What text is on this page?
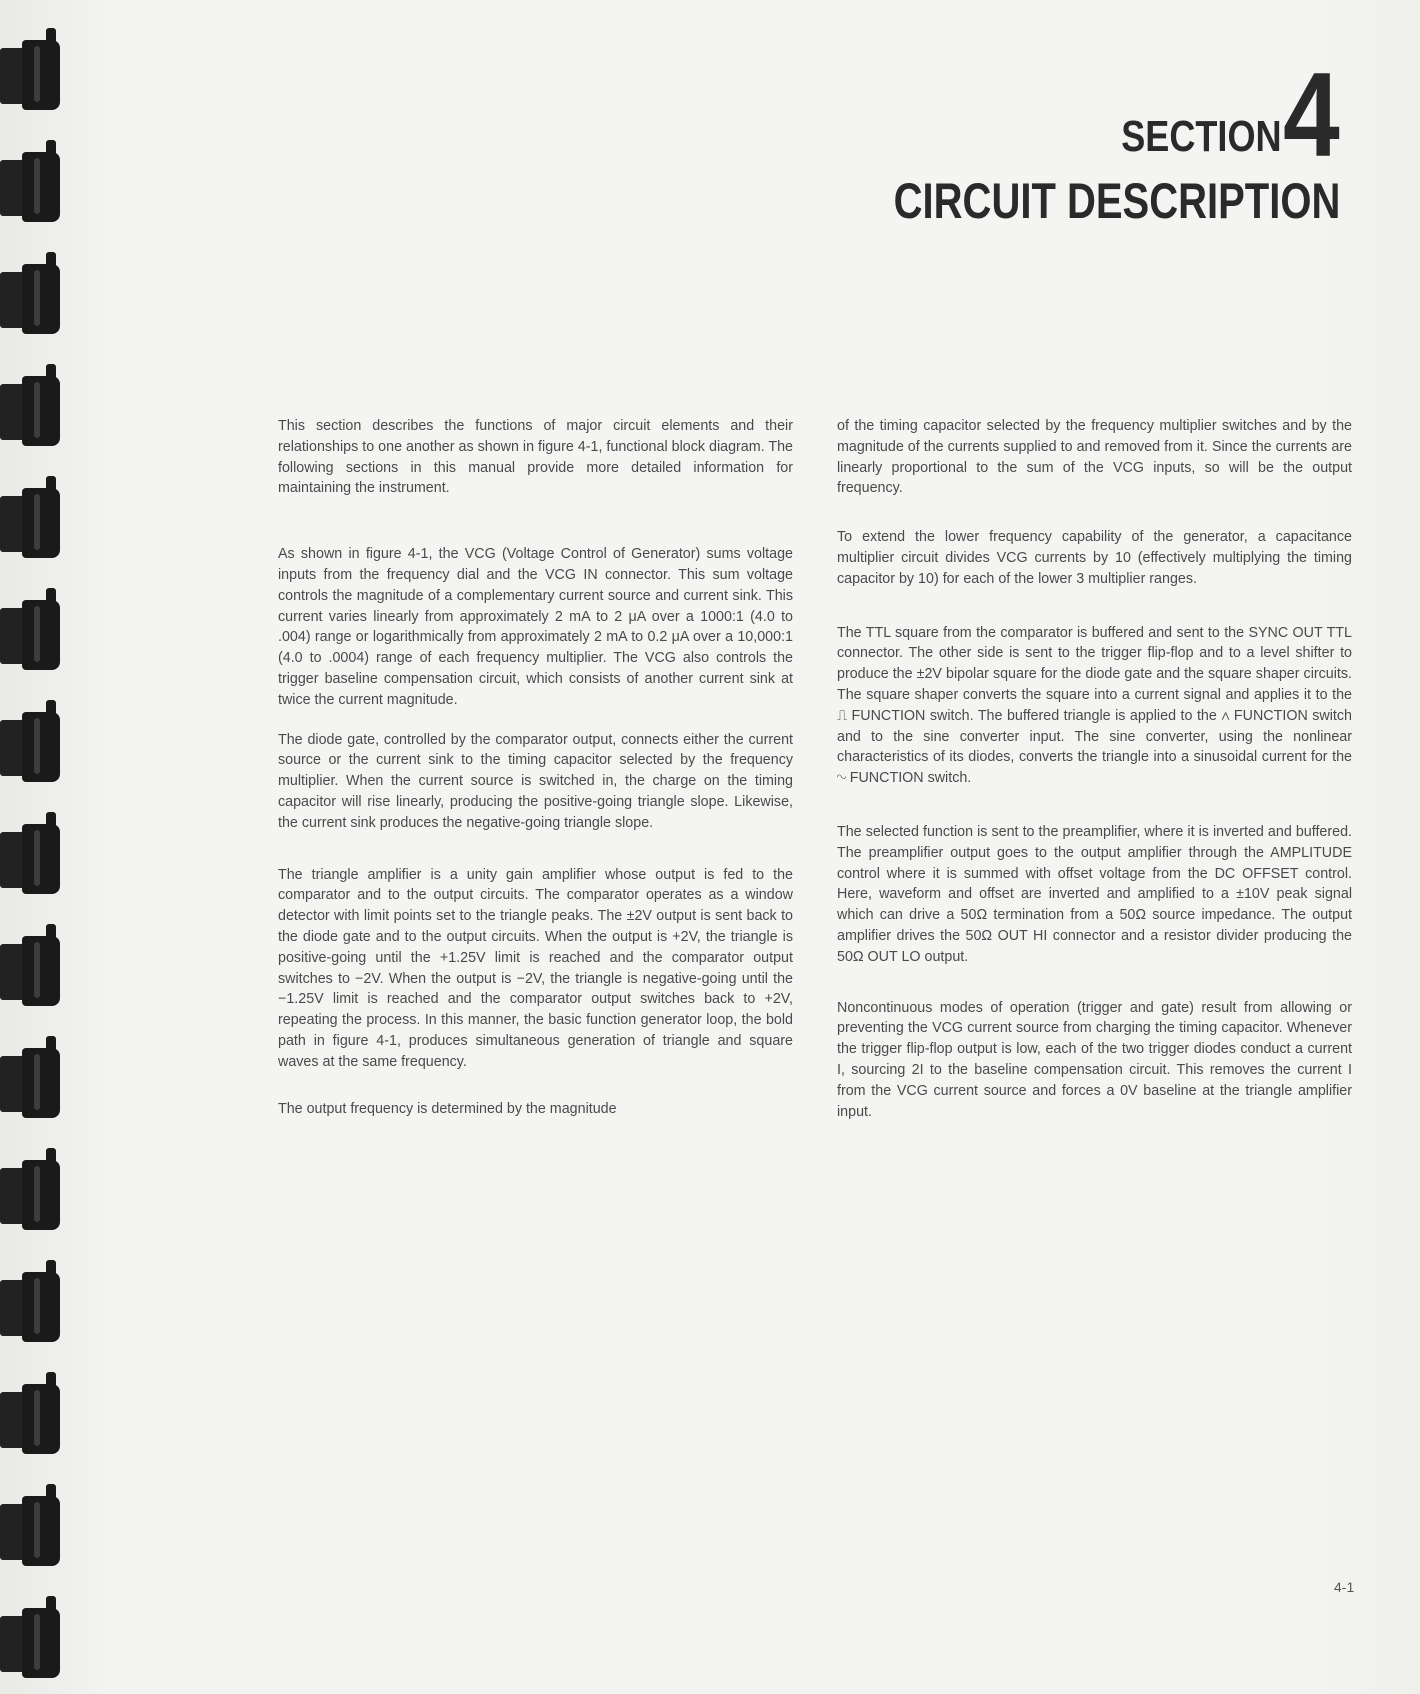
SECTION 4
CIRCUIT DESCRIPTION

This section describes the functions of major circuit elements and their relationships to one another as shown in figure 4-1, functional block diagram. The following sections in this manual provide more detailed information for maintaining the instrument.

As shown in figure 4-1, the VCG (Voltage Control of Generator) sums voltage inputs from the frequency dial and the VCG IN connector. This sum voltage controls the magnitude of a complementary current source and current sink. This current varies linearly from approximately 2 mA to 2 μA over a 1000:1 (4.0 to .004) range or logarithmically from approximately 2 mA to 0.2 μA over a 10,000:1 (4.0 to .0004) range of each frequency multiplier. The VCG also controls the trigger baseline compensation circuit, which consists of another current sink at twice the current magnitude.

The diode gate, controlled by the comparator output, connects either the current source or the current sink to the timing capacitor selected by the frequency multiplier. When the current source is switched in, the charge on the timing capacitor will rise linearly, producing the positive-going triangle slope. Likewise, the current sink produces the negative-going triangle slope.

The triangle amplifier is a unity gain amplifier whose output is fed to the comparator and to the output circuits. The comparator operates as a window detector with limit points set to the triangle peaks. The ±2V output is sent back to the diode gate and to the output circuits. When the output is +2V, the triangle is positive-going until the +1.25V limit is reached and the comparator output switches to −2V. When the output is −2V, the triangle is negative-going until the −1.25V limit is reached and the comparator output switches back to +2V, repeating the process. In this manner, the basic function generator loop, the bold path in figure 4-1, produces simultaneous generation of triangle and square waves at the same frequency.

The output frequency is determined by the magnitude

of the timing capacitor selected by the frequency multiplier switches and by the magnitude of the currents supplied to and removed from it. Since the currents are linearly proportional to the sum of the VCG inputs, so will be the output frequency.

To extend the lower frequency capability of the generator, a capacitance multiplier circuit divides VCG currents by 10 (effectively multiplying the timing capacitor by 10) for each of the lower 3 multiplier ranges.

The TTL square from the comparator is buffered and sent to the SYNC OUT TTL connector. The other side is sent to the trigger flip-flop and to a level shifter to produce the ±2V bipolar square for the diode gate and the square shaper circuits. The square shaper converts the square into a current signal and applies it to the ⎍ FUNCTION switch. The buffered triangle is applied to the ∧ FUNCTION switch and to the sine converter input. The sine converter, using the nonlinear characteristics of its diodes, converts the triangle into a sinusoidal current for the ∿ FUNCTION switch.

The selected function is sent to the preamplifier, where it is inverted and buffered. The preamplifier output goes to the output amplifier through the AMPLITUDE control where it is summed with offset voltage from the DC OFFSET control. Here, waveform and offset are inverted and amplified to a ±10V peak signal which can drive a 50Ω termination from a 50Ω source impedance. The output amplifier drives the 50Ω OUT HI connector and a resistor divider producing the 50Ω OUT LO output.

Noncontinuous modes of operation (trigger and gate) result from allowing or preventing the VCG current source from charging the timing capacitor. Whenever the trigger flip-flop output is low, each of the two trigger diodes conduct a current I, sourcing 2I to the baseline compensation circuit. This removes the current I from the VCG current source and forces a 0V baseline at the triangle amplifier input.

4-1
